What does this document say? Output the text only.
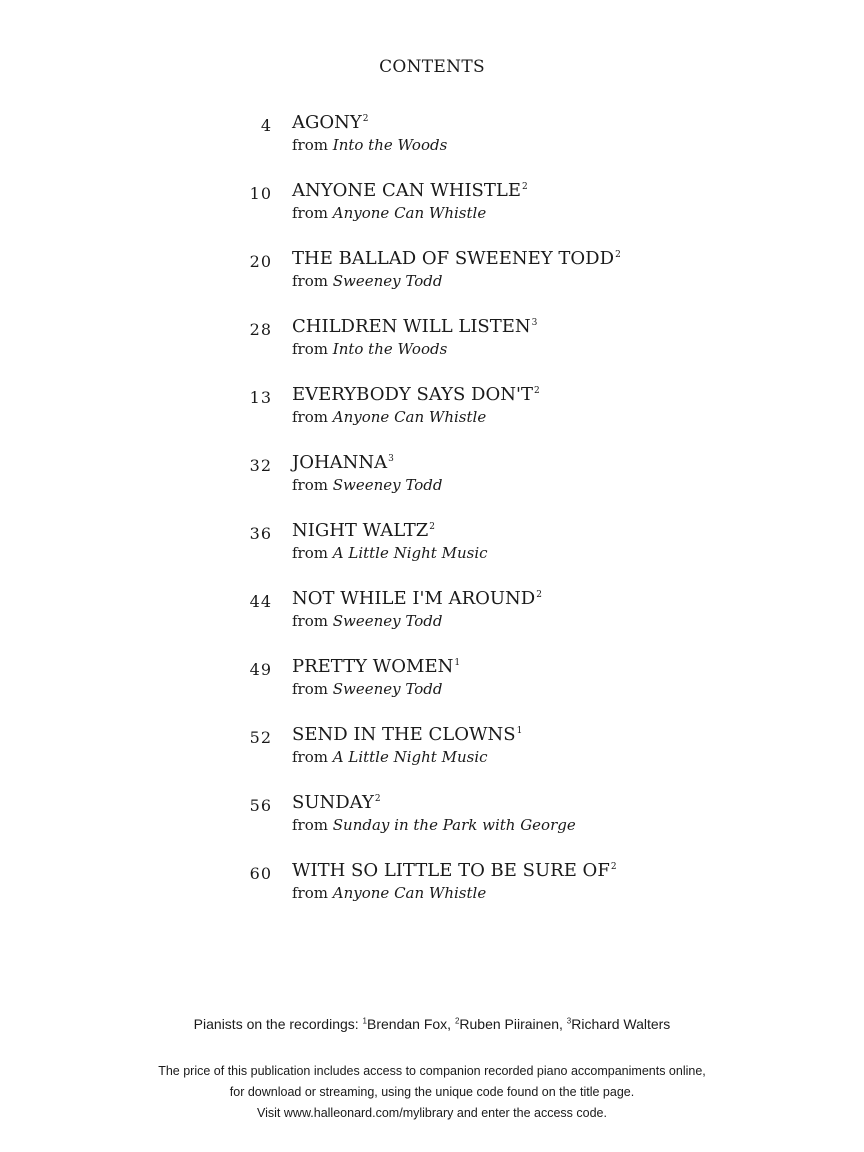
CONTENTS
4 AGONY$^2$
from Into the Woods
10 ANYONE CAN WHISTLE$^2$
from Anyone Can Whistle
20 THE BALLAD OF SWEENEY TODD$^2$
from Sweeney Todd
28 CHILDREN WILL LISTEN$^3$
from Into the Woods
13 EVERYBODY SAYS $DON'T^2$
from Anyone Can Whistle
32 JOHANNA$^3$
from Sweeney Todd
36 NIGHT WALTZ$^2$
from A Little Night Music
44 NOT WHILE I'M AROUND$^2$
from Sweeney Todd
49 PRETTY WOMEN$^1$
from Sweeney Todd
52 SEND IN THE CLOWNS$^1$
from A Little Night Music
56 SUNDAY$^2$
from Sunday in the Park with George
60 WITH SO LITTLE TO BE SURE $OF^2$
from Anyone Can Whistle
Pianists on the recordings: $^1$Brendan Fox, $^2$Ruben Piirainen, $^3$Richard Walters
The price of this publication includes access to companion recorded piano accompaniments online,
for download or streaming, using the unique code found on the title page.
Visit www.halleonard.com/mylibrary and enter the access code.
